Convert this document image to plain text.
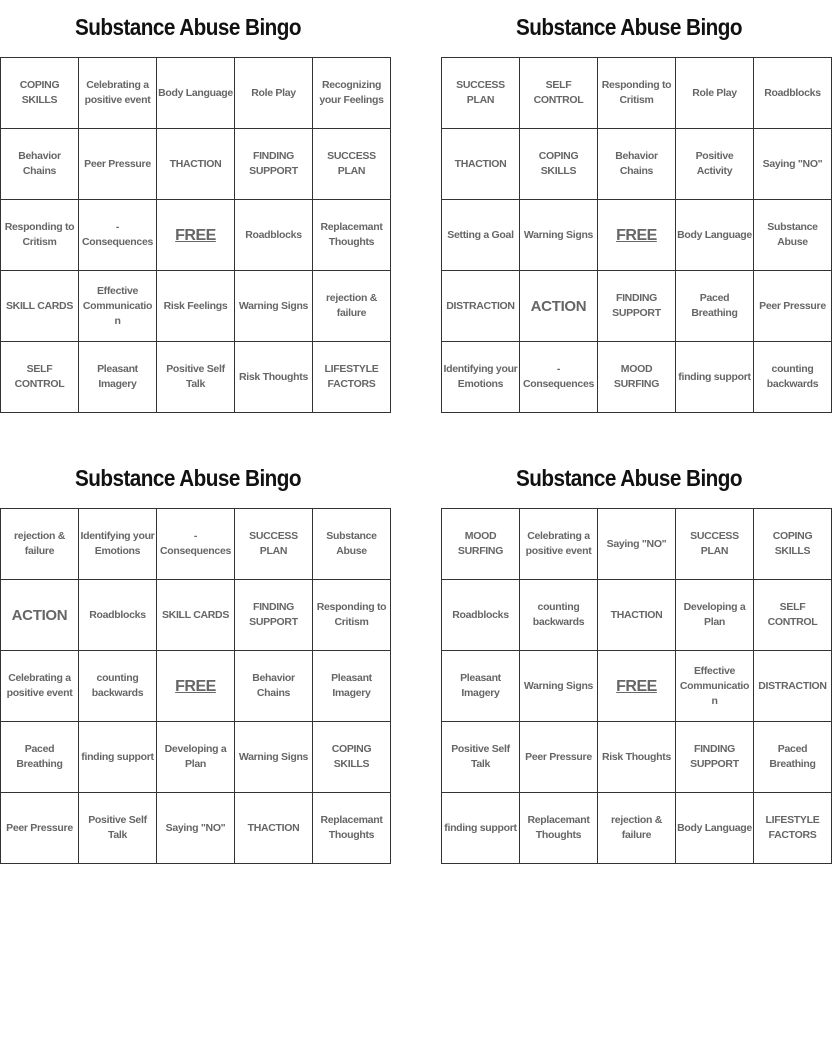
Substance Abuse Bingo
COPING SKILLS	Celebrating a positive event	Body Language	Role Play	Recognizing your Feelings
Behavior Chains	Peer Pressure	THACTION	FINDING SUPPORT	SUCCESS PLAN
Responding to Critism	- Consequences	FREE	Roadblocks	Replacemant Thoughts
SKILL CARDS	Effective Communication	Risk Feelings	Warning Signs	rejection & failure
SELF CONTROL	Pleasant Imagery	Positive Self Talk	Risk Thoughts	LIFESTYLE FACTORS
Substance Abuse Bingo
SUCCESS PLAN	SELF CONTROL	Responding to Critism	Role Play	Roadblocks
THACTION	COPING SKILLS	Behavior Chains	Positive Activity	Saying "NO"
Setting a Goal	Warning Signs	FREE	Body Language	Substance Abuse
DISTRACTION	ACTION	FINDING SUPPORT	Paced Breathing	Peer Pressure
Identifying your Emotions	- Consequences	MOOD SURFING	finding support	counting backwards
Substance Abuse Bingo
rejection & failure	Identifying your Emotions	- Consequences	SUCCESS PLAN	Substance Abuse
ACTION	Roadblocks	SKILL CARDS	FINDING SUPPORT	Responding to Critism
Celebrating a positive event	counting backwards	FREE	Behavior Chains	Pleasant Imagery
Paced Breathing	finding support	Developing a Plan	Warning Signs	COPING SKILLS
Peer Pressure	Positive Self Talk	Saying "NO"	THACTION	Replacemant Thoughts
Substance Abuse Bingo
MOOD SURFING	Celebrating a positive event	Saying "NO"	SUCCESS PLAN	COPING SKILLS
Roadblocks	counting backwards	THACTION	Developing a Plan	SELF CONTROL
Pleasant Imagery	Warning Signs	FREE	Effective Communication	DISTRACTION
Positive Self Talk	Peer Pressure	Risk Thoughts	FINDING SUPPORT	Paced Breathing
finding support	Replacemant Thoughts	rejection & failure	Body Language	LIFESTYLE FACTORS
